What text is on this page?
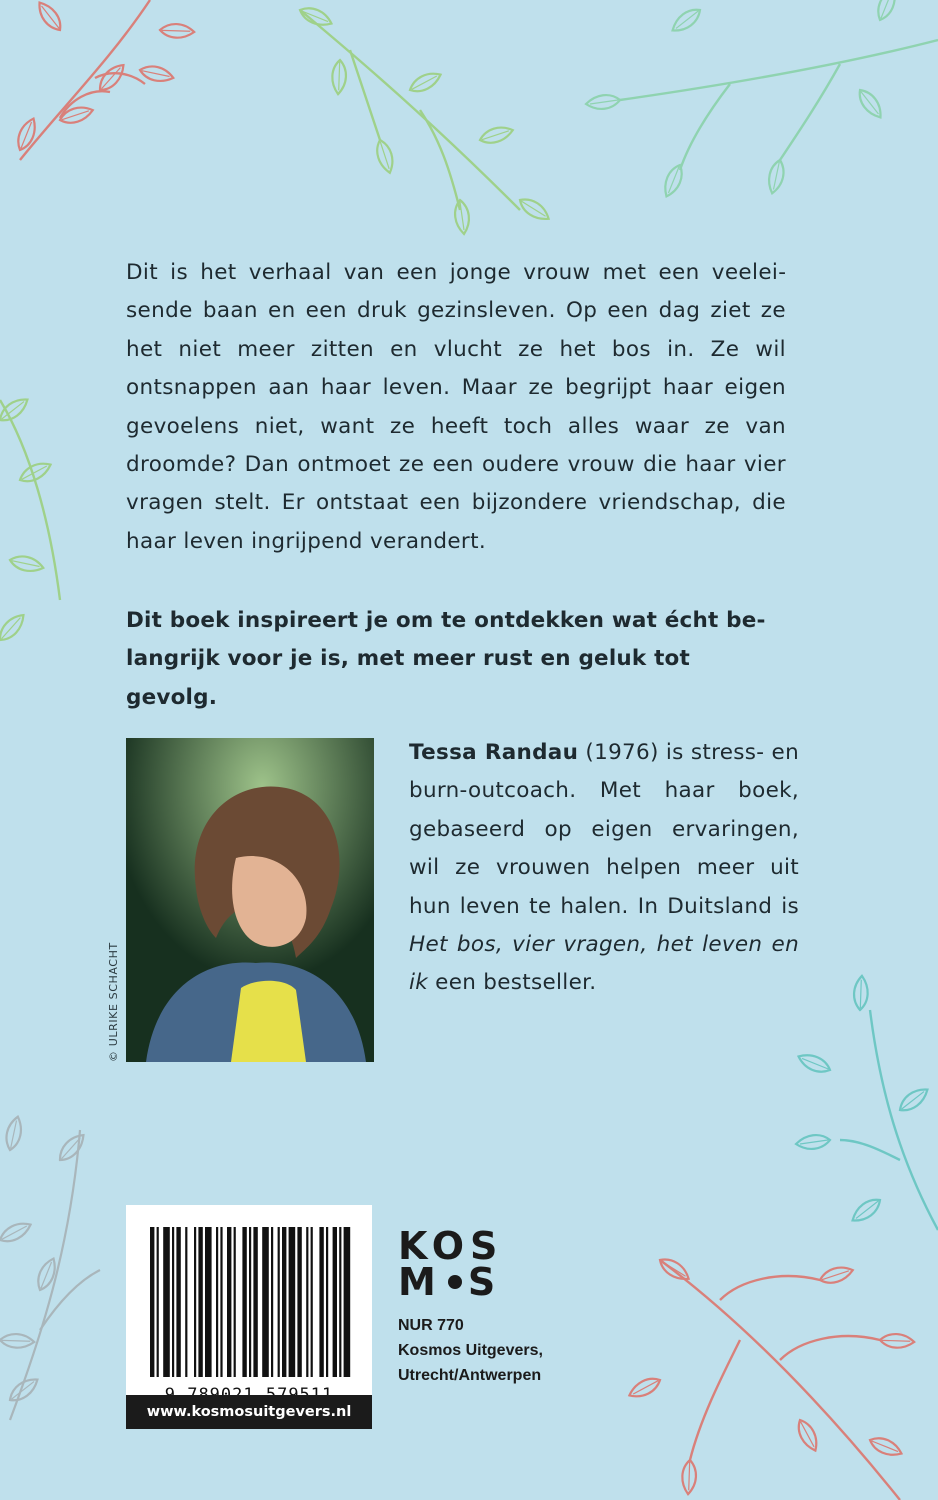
Dit is het verhaal van een jonge vrouw met een veeleisende baan en een druk gezinsleven. Op een dag ziet ze het niet meer zitten en vlucht ze het bos in. Ze wil ontsnappen aan haar leven. Maar ze begrijpt haar eigen gevoelens niet, want ze heeft toch alles waar ze van droomde? Dan ontmoet ze een oudere vrouw die haar vier vragen stelt. Er ontstaat een bijzondere vriendschap, die haar leven ingrijpend verandert.

Dit boek inspireert je om te ontdekken wat écht belangrijk voor je is, met meer rust en geluk tot gevolg.

© ULRIKE SCHACHT

Tessa Randau (1976) is stress- en burn-outcoach. Met haar boek, gebaseerd op eigen ervaringen, wil ze vrouwen helpen meer uit hun leven te halen. In Duitsland is Het bos, vier vragen, het leven en ik een bestseller.

www.kosmosuitgevers.nl
KOS
M S
NUR 770
Kosmos Uitgevers,
Utrecht/Antwerpen
